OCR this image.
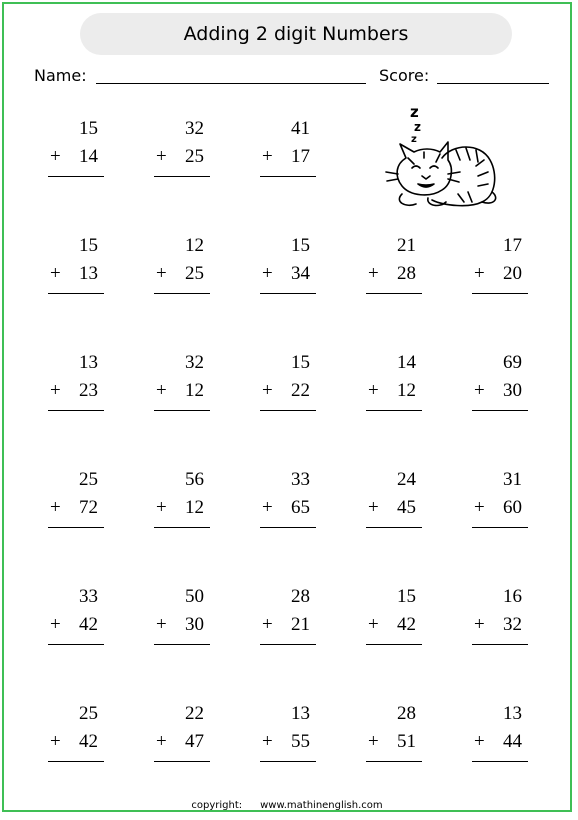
Adding 2 digit Numbers
Name:	Score:
15
+ 14
32
+ 25
41
+ 17
15
+ 13
12
+ 25
15
+ 34
21
+ 28
17
+ 20
13
+ 23
32
+ 12
15
+ 22
14
+ 12
69
+ 30
25
+ 72
56
+ 12
33
+ 65
24
+ 45
31
+ 60
33
+ 42
50
+ 30
28
+ 21
15
+ 42
16
+ 32
25
+ 42
22
+ 47
13
+ 55
28
+ 51
13
+ 44
z
z
z
copyright: www.mathinenglish.com
